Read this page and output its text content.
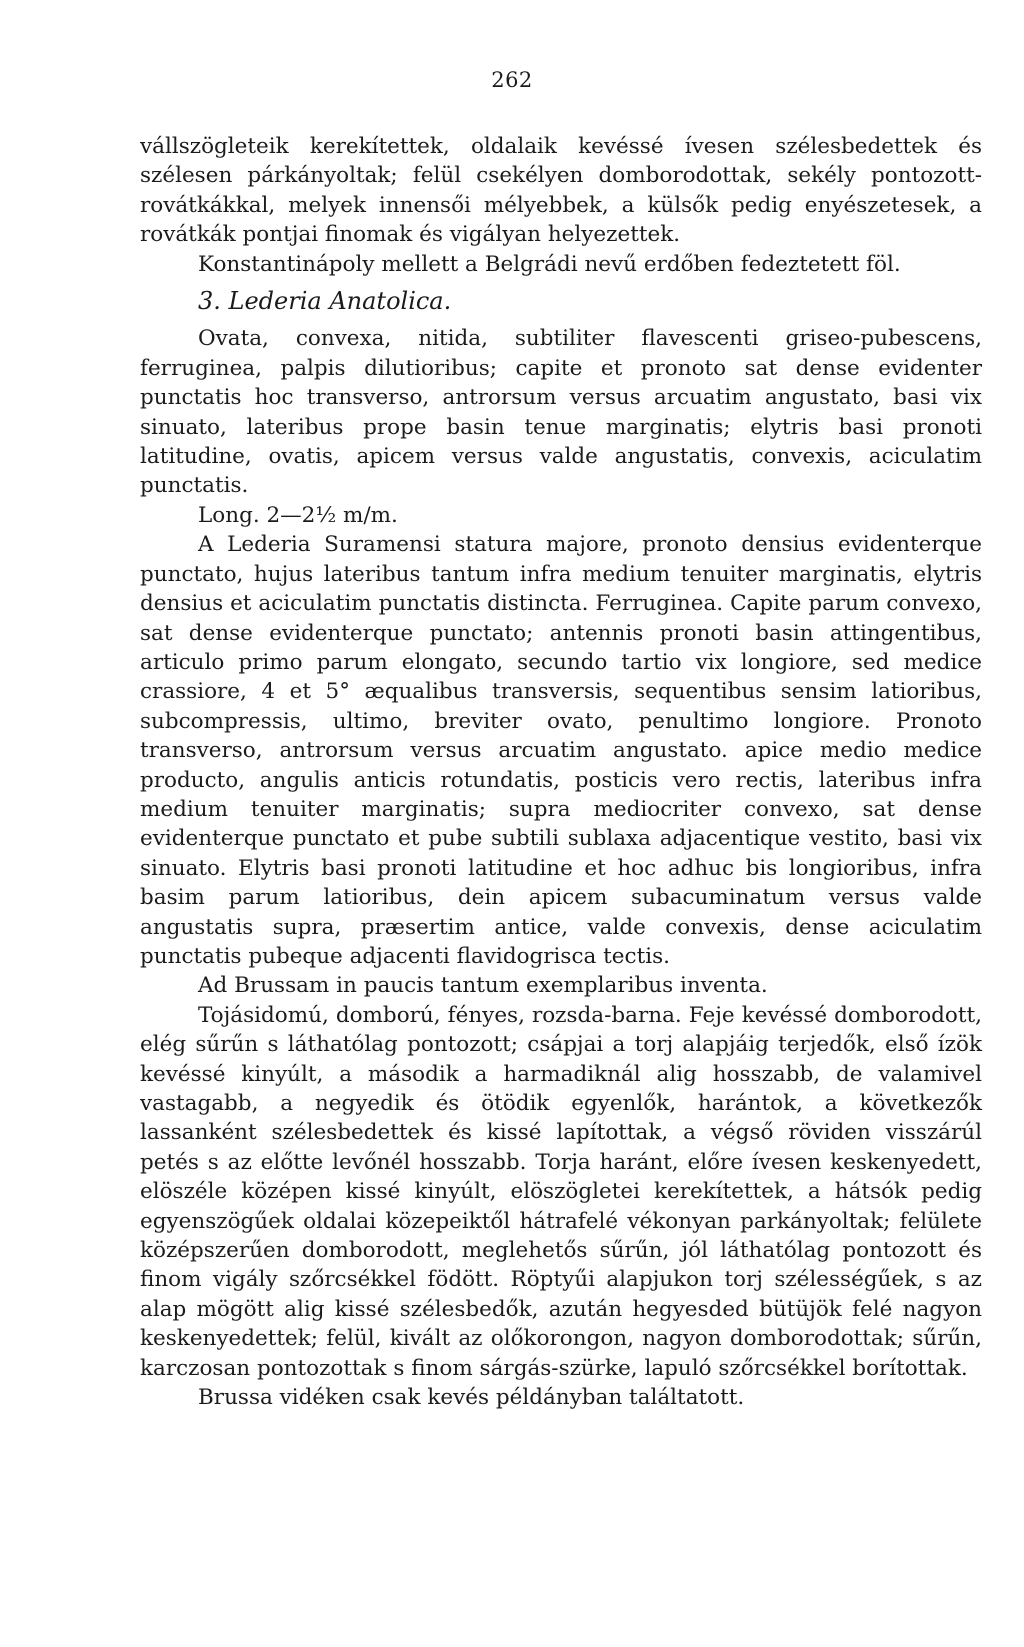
262

vállszögleteik kerekítettek, oldalaik kevéssé ívesen szélesbedettek és szélesen párkányoltak; felül csekélyen domborodottak, sekély pontozott-rovátkákkal, melyek innensői mélyebbek, a külsők pedig enyészetesek, a rovátkák pontjai finomak és vigályan helyezettek.

Konstantinápoly mellett a Belgrádi nevű erdőben fedeztetett föl.

3. Lederia Anatolica.

Ovata, convexa, nitida, subtiliter flavescenti griseo-pubescens, ferruginea, palpis dilutioribus; capite et pronoto sat dense evidenter punctatis hoc transverso, antrorsum versus arcuatim angustato, basi vix sinuato, lateribus prope basin tenue marginatis; elytris basi pronoti latitudine, ovatis, apicem versus valde angustatis, convexis, aciculatim punctatis.

Long. 2—2½ m/m.

A Lederia Suramensi statura majore, pronoto densius evidenterque punctato, hujus lateribus tantum infra medium tenuiter marginatis, elytris densius et aciculatim punctatis distincta. Ferruginea. Capite parum convexo, sat dense evidenterque punctato; antennis pronoti basin attingentibus, articulo primo parum elongato, secundo tartio vix longiore, sed medice crassiore, 4 et 5° æqualibus transversis, sequentibus sensim latioribus, subcompressis, ultimo, breviter ovato, penultimo longiore. Pronoto transverso, antrorsum versus arcuatim angustato. apice medio medice producto, angulis anticis rotundatis, posticis vero rectis, lateribus infra medium tenuiter marginatis; supra mediocriter convexo, sat dense evidenterque punctato et pube subtili sublaxa adjacentique vestito, basi vix sinuato. Elytris basi pronoti latitudine et hoc adhuc bis longioribus, infra basim parum latioribus, dein apicem subacuminatum versus valde angustatis supra, præsertim antice, valde convexis, dense aciculatim punctatis pubeque adjacenti flavidogrisca tectis.

Ad Brussam in paucis tantum exemplaribus inventa.

Tojásidomú, domború, fényes, rozsda-barna. Feje kevéssé domborodott, elég sűrűn s láthatólag pontozott; csápjai a torj alapjáig terjedők, első ízök kevéssé kinyúlt, a második a harmadiknál alig hosszabb, de valamivel vastagabb, a negyedik és ötödik egyenlők, harántok, a következők lassanként szélesbedettek és kissé lapítottak, a végső röviden visszárúl petés s az előtte levőnél hosszabb. Torja haránt, előre ívesen keskenyedett, elöszéle középen kissé kinyúlt, elöszögletei kerekítettek, a hátsók pedig egyenszögűek oldalai közepeiktől hátrafelé vékonyan parkányoltak; felülete középszerűen domborodott, meglehetős sűrűn, jól láthatólag pontozott és finom vigály szőrcsékkel födött. Röptyűi alapjukon torj szélességűek, s az alap mögött alig kissé szélesbedők, azután hegyesded bütüjök felé nagyon keskenyedettek; felül, kivált az olőkorongon, nagyon domborodottak; sűrűn, karczosan pontozottak s finom sárgás-szürke, lapuló szőrcsékkel borítottak.

Brussa vidéken csak kevés példányban találtatott.
